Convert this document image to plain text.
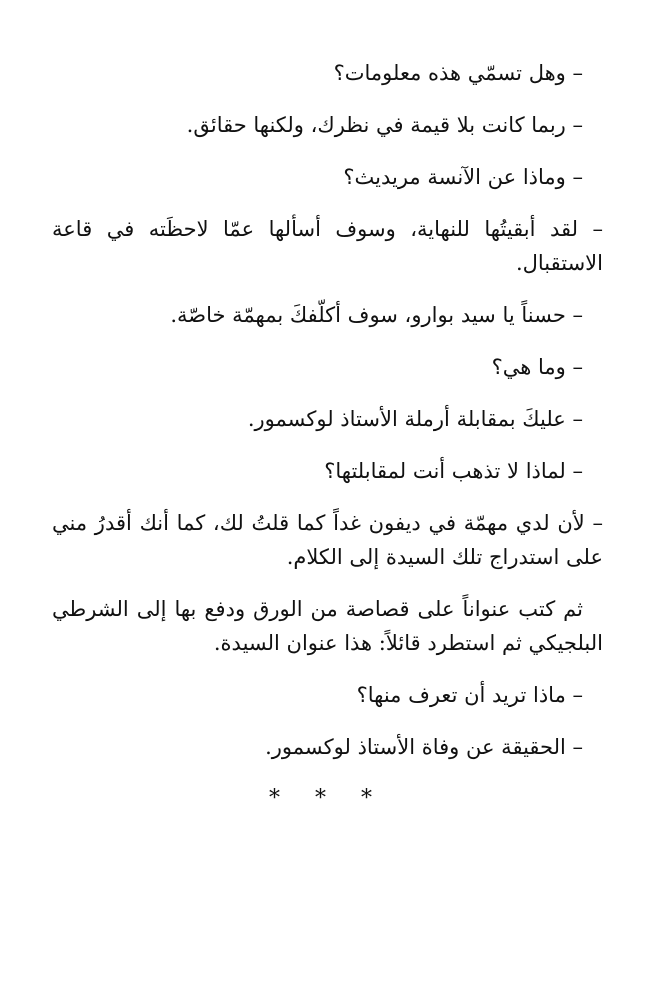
– وهل تسمّي هذه معلومات؟

– ربما كانت بلا قيمة في نظرك، ولكنها حقائق.

– وماذا عن الآنسة مريديث؟

– لقد أبقيتُها للنهاية، وسوف أسألها عمّا لاحظَته في قاعة الاستقبال.

– حسناً يا سيد بوارو، سوف أكلّفكَ بمهمّة خاصّة.

– وما هي؟

– عليكَ بمقابلة أرملة الأستاذ لوكسمور.

– لماذا لا تذهب أنت لمقابلتها؟

– لأن لدي مهمّة في ديفون غداً كما قلتُ لك، كما أنك أقدرُ مني على استدراج تلك السيدة إلى الكلام.

ثم كتب عنواناً على قصاصة من الورق ودفع بها إلى الشرطي البلجيكي ثم استطرد قائلاً: هذا عنوان السيدة.

– ماذا تريد أن تعرف منها؟

– الحقيقة عن وفاة الأستاذ لوكسمور.

* * *
